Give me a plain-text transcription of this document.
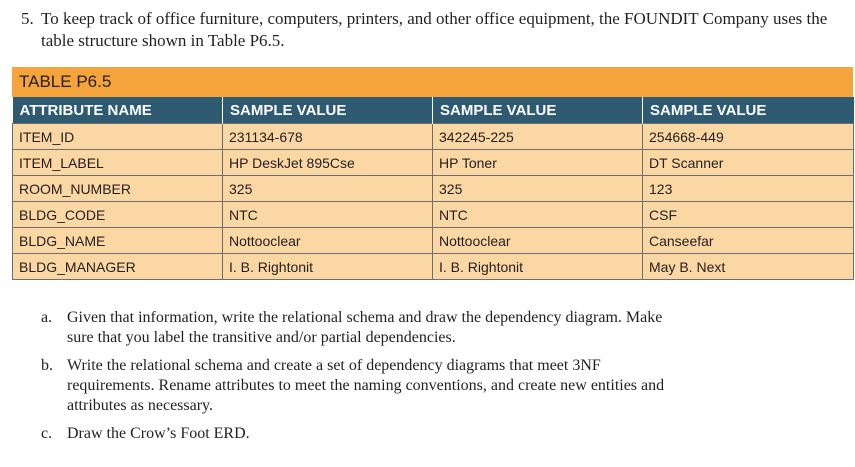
5. To keep track of office furniture, computers, printers, and other office equipment, the FOUNDIT Company uses the table structure shown in Table P6.5.
TABLE P6.5
ATTRIBUTE NAME	SAMPLE VALUE	SAMPLE VALUE	SAMPLE VALUE
ITEM_ID	231134-678	342245-225	254668-449
ITEM_LABEL	HP DeskJet 895Cse	HP Toner	DT Scanner
ROOM_NUMBER	325	325	123
BLDG_CODE	NTC	NTC	CSF
BLDG_NAME	Nottooclear	Nottooclear	Canseefar
BLDG_MANAGER	I. B. Rightonit	I. B. Rightonit	May B. Next
a. Given that information, write the relational schema and draw the dependency diagram. Make sure that you label the transitive and/or partial dependencies.
b. Write the relational schema and create a set of dependency diagrams that meet 3NF requirements. Rename attributes to meet the naming conventions, and create new entities and attributes as necessary.
c. Draw the Crow’s Foot ERD.
